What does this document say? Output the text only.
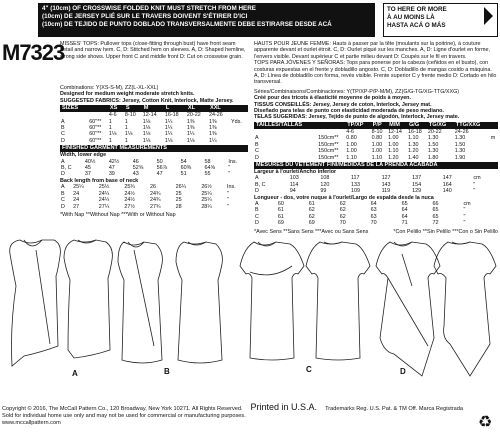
4" (10cm) OF CROSSWISE FOLDED KNIT MUST STRETCH FROM HERE
(10cm) DE JERSEY PLIÉ SUR LE TRAVERS DOIVENT S'ÉTIRER D'ICI
(10cm) DE TEJIDO DE PUNTO DOBLADO TRANSVERSALMENTE DEBE ESTIRARSE DESDE ACÁ
TO HERE OR MORE
À AU MOINS LÀ
HASTA ACÁ O MÁS
M7323
MISSES' TOPS: Pullover tops (close-fitting through bust) have front seam detail and narrow hem. C, D: Stitched hem on sleeves. A, D: Shaped hemline, wrong side shows. Upper front C and middle front D: Cut on crosswise grain.
Combinations: Y(XS-S-M), ZZ(L-XL-XXL)
Designed for medium weight moderate stretch knits.
SUGGESTED FABRICS: Jersey, Cotton Knit, Interlock, Matte Jersey.
SIZES		XS	S	M	L	XL	XXL	
		4-6	8-10	12-14	16-18	20-22	24-26	
A	60"**	1	1	1⅛	1¼	1⅜	1⅜	Yds.
B	60"**	1	1	1⅛	1¼	1⅜	1⅜	
C	60"**	1⅛	1⅛	1⅛	1¼	1¼	1⅜	
D	60"**	1	1	1⅛	1⅛	1⅛	1¼	
FINISHED GARMENT MEASUREMENTS
Width, lower edge
A	40½	42½	46	50	54	58	Ins.
B, C	45	47	52⅝	56⅞	60⅜	64⅝	"
D	37	39	43	47	51	55	"
Back length from base of neck
A	25¼	25½	25¾	26	26¼	26½	Ins.
B	24	24¼	24½	24¾	25	25¼	"
C	24	24¼	24½	24¾	25	25¼	"
D	27	27¼	27½	27¾	28	28¼	"
*With Nap **Without Nap ***With or Without Nap
HAUTS POUR JEUNE FEMME: Hauts à passer par la tête (moulants sur la poitrine), à couture apparente devant et ourlet étroit. C, D: Ourlet piqué sur les manches. A, D: Ligne d'ourlet en forme, l'envers visible. Devant supérieur C et partie milieu devant D: Coupés sur le fil en travers.
TOPS PARA JÓVENES Y SEÑORAS: Tops para ponerse por la cabeza (ceñidos en el busto), con costuras expuestas en el frente y dobladillo angosto. C, D: Dobladillo de mangas cosido a máquina. A, D: Línea de dobladillo con forma, revés visible. Frente superior C y frente medio D: Cortado en hilo transversal.
Séries/Combinaisons/Combinaciones: Y(TP/XP-P/P-M/M), ZZ(G/G-TG/XG-TTG/XXG)
Créé pour des tricots à élasticité moyenne de poids à moyen.
TISSUS CONSEILLÉS: Jersey, Jersey de coton, Interlock, Jersey mat.
Diseñado para telas de punto con elasticidad moderada de peso mediano.
TELAS SUGERIDAS: Jersey, Tejido de punto de algodón, Interlock, Jersey mate.
TAILLES/TALLAS		TP/XP	P/P	M/M	G/G	TG/XG	TTG/XXG	
		4-6	8-10	12-14	16-18	20-22	24-26	
A	150cm**	0.80	0.80	1.00	1.10	1.30	1.30	m
B	150cm**	1.00	1.00	1.00	1.30	1.50	1.50	
C	150cm**	1.00	1.00	1.10	1.20	1.30	1.30	
D	150cm**	1.10	1.10	1.20	1.40	1.80	1.90	
MESURES DU VÊTEMENT FINI/MEDIDAS DE LA PRENDA ACABADA
Largeur à l'ourlet/Ancho inferior
A	103	108	117	127	137	147	cm
B, C	114	120	133	143	154	164	"
D	94	99	109	119	129	140	"
Longueur - dos, votre nuque à l'ourlet/Largo de espalda desde la nuca
A	60	61	62	64	65	66	cm
B	61	62	62	63	64	65	"
C	61	62	62	63	64	65	"
D	69	69	70	70	71	72	"
*Avec Sens **Sans Sens ***Avec ou Sans Sens	*Con Pelillo **Sin Pelillo ***Con o Sin Pelillo
A	B	C	D
Copyright © 2016, The McCall Pattern Co., 120 Broadway, New York 10271. All Rights Reserved. Printed in U.S.A. Trademarks Reg. U.S. Pat. & TM Off. Marca Registrada
Sold for individual home use only and may not be used for commercial or manufacturing purposes.
www.mccallpattern.com	♻
